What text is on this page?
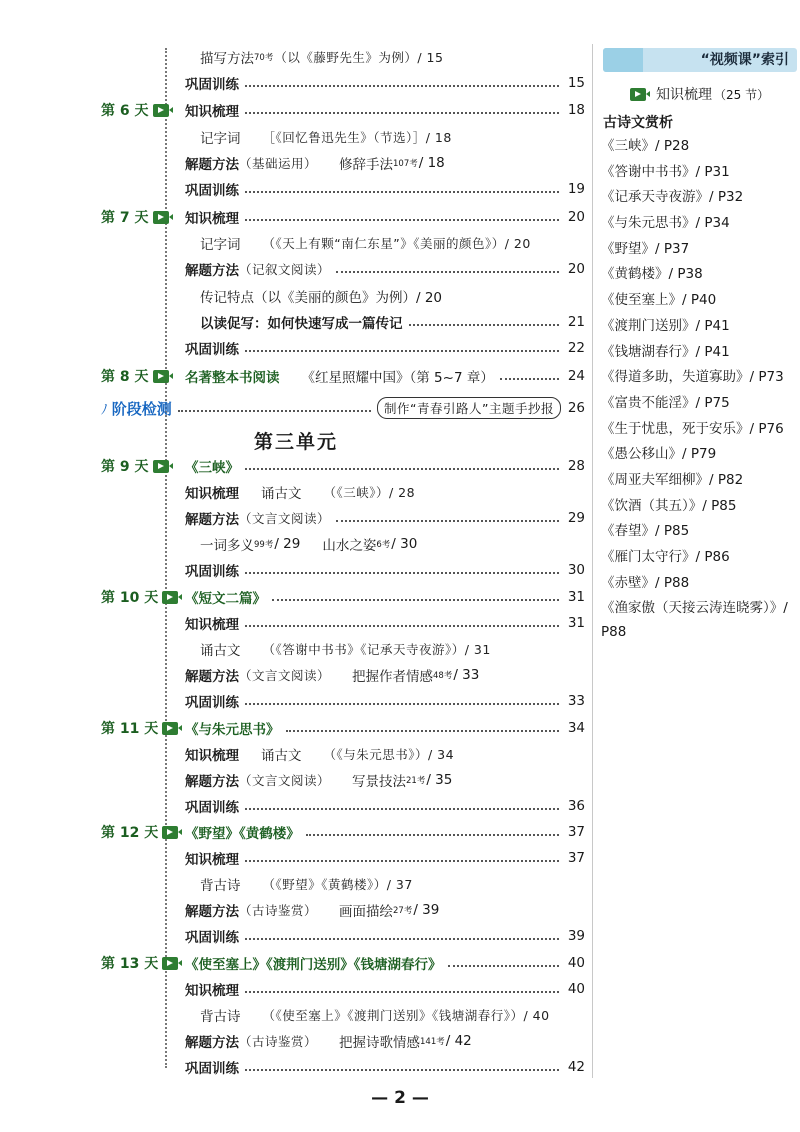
描写方法 70考 （以《藤野先生》为例）/ 15
巩固训练	15
第 6 天	知识梳理	18
记字词 ［《回忆鲁迅先生》（节选）］/ 18
解题方法 （基础运用） 修辞手法 107考 / 18
巩固训练	19
第 7 天	知识梳理	20
记字词 （《天上有颗“南仁东星”》《美丽的颜色》）/ 20
解题方法 （记叙文阅读）	20
传记特点（以《美丽的颜色》为例）/ 20
以读促写：如何快速写成一篇传记	21
巩固训练	22
第 8 天	名著整本书阅读 《红星照耀中国》（第 5~7 章）	24
ﾉ 阶段检测	制作“青春引路人”主题手抄报	26
第三单元
第 9 天	《三峡》	28
知识梳理 诵古文 （《三峡》）/ 28
解题方法 （文言文阅读）	29
一词多义 99考 / 29 山水之姿 6考 / 30
巩固训练	30
第 10 天 《短文二篇》	31
知识梳理	31
诵古文 （《答谢中书书》《记承天寺夜游》）/ 31
解题方法 （文言文阅读） 把握作者情感 48考 / 33
巩固训练	33
第 11 天 《与朱元思书》	34
知识梳理 诵古文 （《与朱元思书》）/ 34
解题方法 （文言文阅读） 写景技法 21考 / 35
巩固训练	36
第 12 天 《野望》《黄鹤楼》	37
知识梳理	37
背古诗 （《野望》《黄鹤楼》）/ 37
解题方法 （古诗鉴赏） 画面描绘 27考 / 39
巩固训练	39
第 13 天 《使至塞上》《渡荆门送别》《钱塘湖春行》	40
知识梳理	40
背古诗 （《使至塞上》《渡荆门送别》《钱塘湖春行》）/ 40
解题方法 （古诗鉴赏） 把握诗歌情感 141考 / 42
巩固训练	42
— 2 —
“视频课”索引
知识梳理 （25 节）
古诗文赏析
《三峡》/ P28
《答谢中书书》/ P31
《记承天寺夜游》/ P32
《与朱元思书》/ P34
《野望》/ P37
《黄鹤楼》/ P38
《使至塞上》/ P40
《渡荆门送别》/ P41
《钱塘湖春行》/ P41
《得道多助，失道寡助》/ P73
《富贵不能淫》/ P75
《生于忧患，死于安乐》/ P76
《愚公移山》/ P79
《周亚夫军细柳》/ P82
《饮酒（其五）》/ P85
《春望》/ P85
《雁门太守行》/ P86
《赤壁》/ P88
《渔家傲（天接云涛连晓雾）》/
P88
